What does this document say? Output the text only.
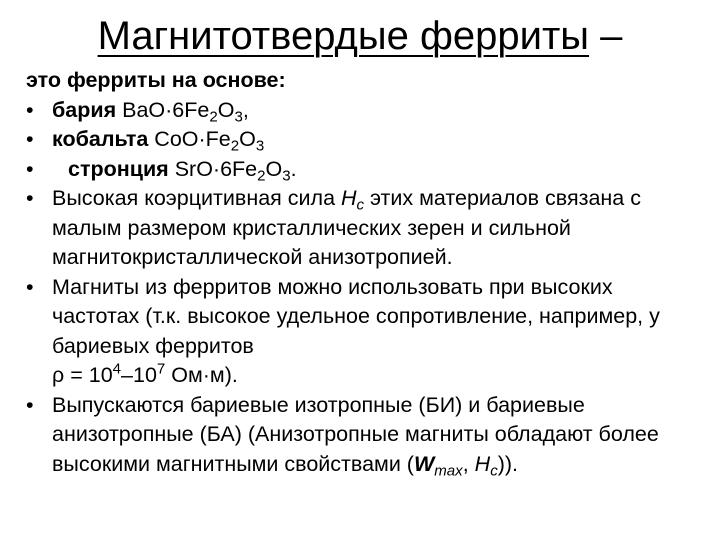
Магнитотвердые ферриты –
это ферриты на основе:
• бария $BaO\cdot 6Fe_2O_3$,
• кобальта $CoO\cdot Fe_2O_3$
• стронция $SrO\cdot 6Fe_2O_3$.
• Высокая коэрцитивная сила $H_c$ этих материалов связана с малым размером кристаллических зерен и сильной магнитокристаллической анизотропией.
• Магниты из ферритов можно использовать при высоких частотах (т.к. высокое удельное сопротивление, например, у бариевых ферритов
$\rho = 10^4-10^7$ Ом·м).
• Выпускаются бариевые изотропные (БИ) и бариевые анизотропные (БА) (Анизотропные магниты обладают более высокими магнитными свойствами ($W_{max}$, $H_c$)).
